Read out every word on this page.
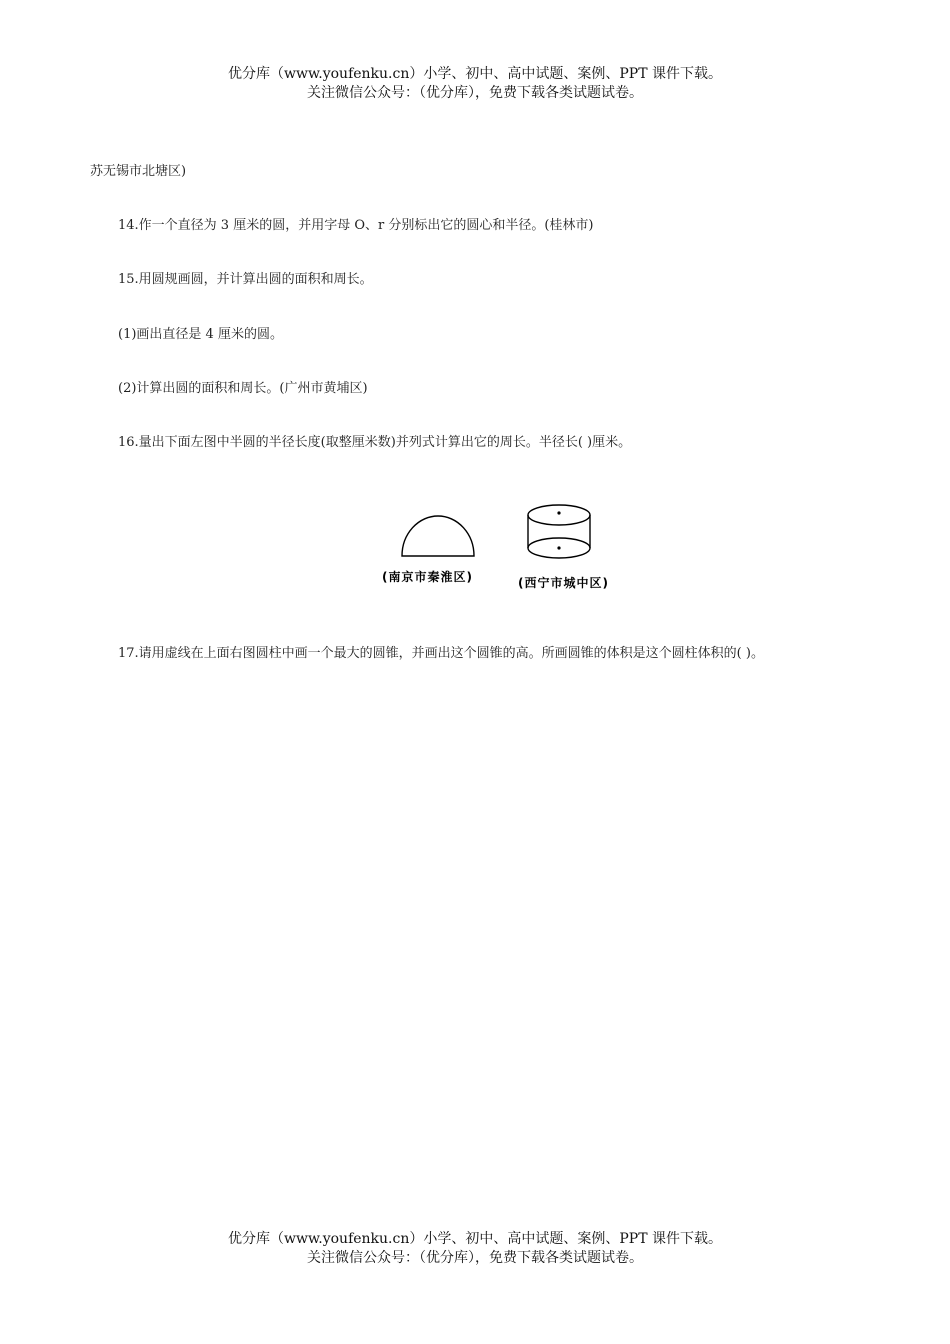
优分库（www.youfenku.cn）小学、初中、高中试题、案例、PPT 课件下载。
关注微信公众号：（优分库），免费下载各类试题试卷。
苏无锡市北塘区)
14.作一个直径为 3 厘米的圆，并用字母 O、r 分别标出它的圆心和半径。(桂林市)
15.用圆规画圆，并计算出圆的面积和周长。
(1)画出直径是 4 厘米的圆。
(2)计算出圆的面积和周长。(广州市黄埔区)
16.量出下面左图中半圆的半径长度(取整厘米数)并列式计算出它的周长。半径长( )厘米。
(南京市秦淮区)	(西宁市城中区)
17.请用虚线在上面右图圆柱中画一个最大的圆锥，并画出这个圆锥的高。所画圆锥的体积是这个圆柱体积的( )。
优分库（www.youfenku.cn）小学、初中、高中试题、案例、PPT 课件下载。
关注微信公众号：（优分库），免费下载各类试题试卷。
